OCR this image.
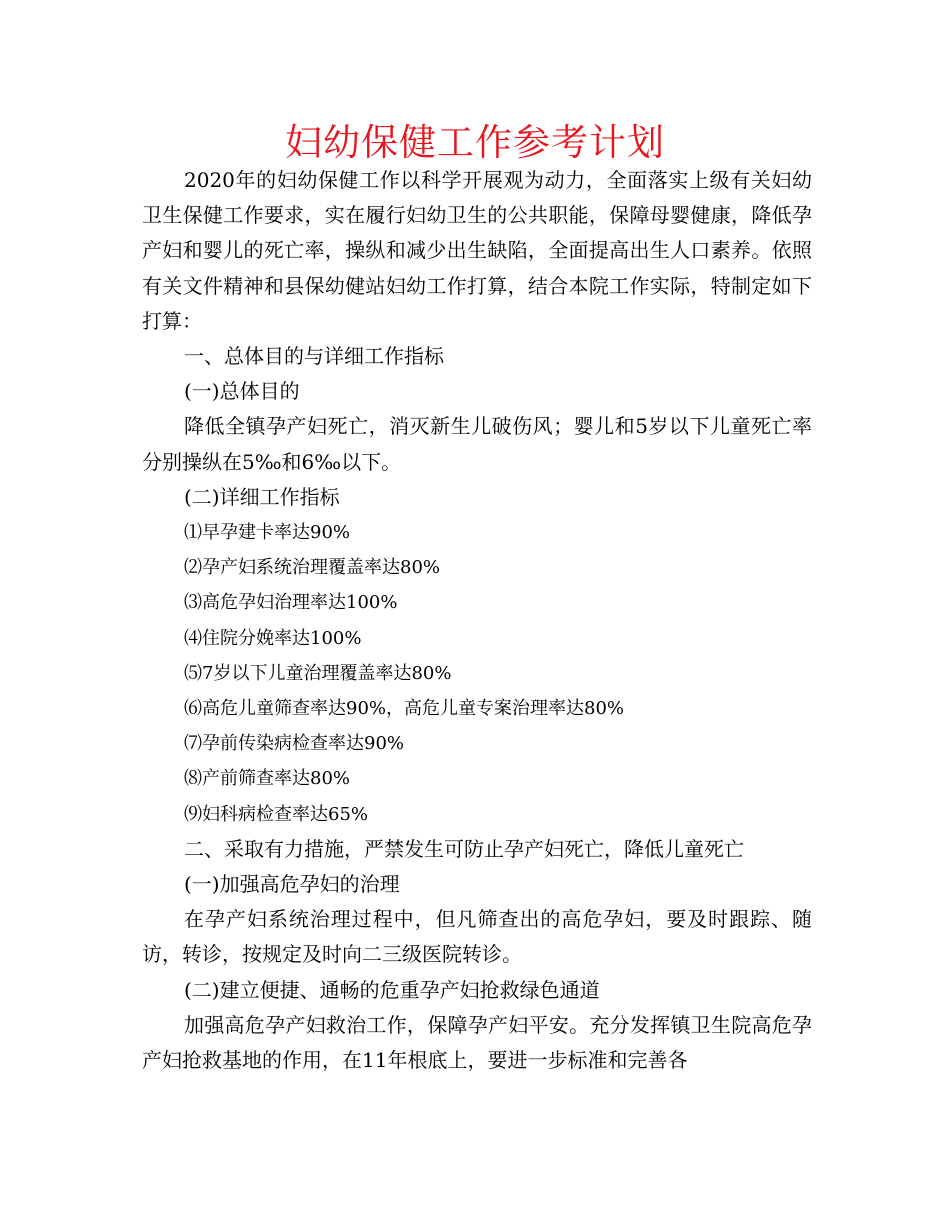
妇幼保健工作参考计划

2020年的妇幼保健工作以科学开展观为动力，全面落实上级有关妇幼卫生保健工作要求，实在履行妇幼卫生的公共职能，保障母婴健康，降低孕产妇和婴儿的死亡率，操纵和减少出生缺陷，全面提高出生人口素养。依照有关文件精神和县保幼健站妇幼工作打算，结合本院工作实际，特制定如下打算：

一、总体目的与详细工作指标

(一)总体目的

降低全镇孕产妇死亡，消灭新生儿破伤风；婴儿和5岁以下儿童死亡率分别操纵在5‰和6‰以下。

(二)详细工作指标

⑴早孕建卡率达90%

⑵孕产妇系统治理覆盖率达80%

⑶高危孕妇治理率达100%

⑷住院分娩率达100%

⑸7岁以下儿童治理覆盖率达80%

⑹高危儿童筛查率达90%，高危儿童专案治理率达80%

⑺孕前传染病检查率达90%

⑻产前筛查率达80%

⑼妇科病检查率达65%

二、采取有力措施，严禁发生可防止孕产妇死亡，降低儿童死亡

(一)加强高危孕妇的治理

在孕产妇系统治理过程中，但凡筛查出的高危孕妇，要及时跟踪、随访，转诊，按规定及时向二三级医院转诊。

(二)建立便捷、通畅的危重孕产妇抢救绿色通道

加强高危孕产妇救治工作，保障孕产妇平安。充分发挥镇卫生院高危孕产妇抢救基地的作用，在11年根底上，要进一步标准和完善各
